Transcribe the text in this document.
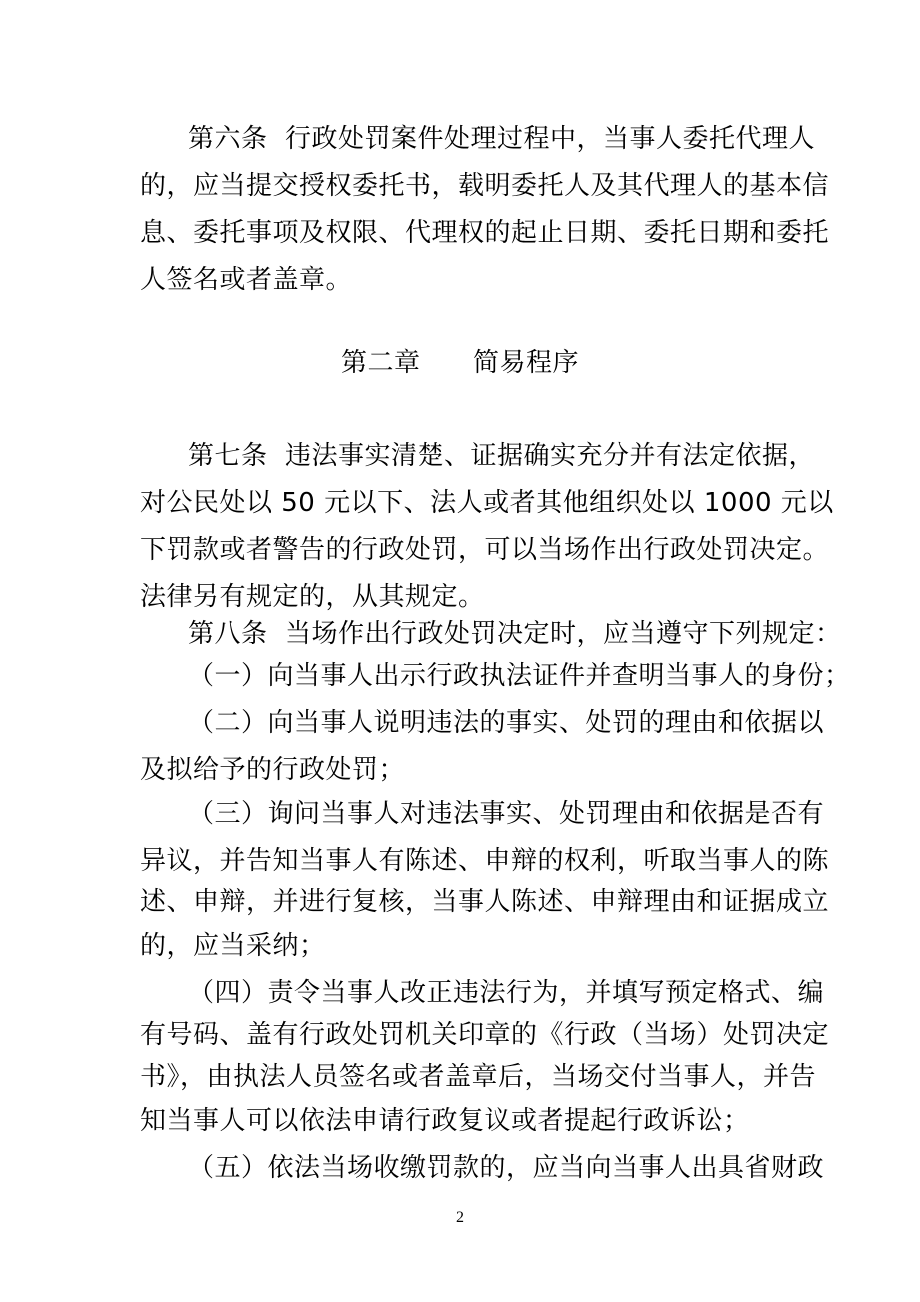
第六条  行政处罚案件处理过程中，当事人委托代理人
的，应当提交授权委托书，载明委托人及其代理人的基本信
息、委托事项及权限、代理权的起止日期、委托日期和委托
人签名或者盖章。
第二章      简易程序
第七条  违法事实清楚、证据确实充分并有法定依据，
对公民处以 50 元以下、法人或者其他组织处以 1000 元以
下罚款或者警告的行政处罚，可以当场作出行政处罚决定。
法律另有规定的，从其规定。
第八条  当场作出行政处罚决定时，应当遵守下列规定：
（一）向当事人出示行政执法证件并查明当事人的身份；
（二）向当事人说明违法的事实、处罚的理由和依据以
及拟给予的行政处罚；
（三）询问当事人对违法事实、处罚理由和依据是否有
异议，并告知当事人有陈述、申辩的权利，听取当事人的陈
述、申辩，并进行复核，当事人陈述、申辩理由和证据成立
的，应当采纳；
（四）责令当事人改正违法行为，并填写预定格式、编
有号码、盖有行政处罚机关印章的《行政（当场）处罚决定
书》，由执法人员签名或者盖章后，当场交付当事人，并告
知当事人可以依法申请行政复议或者提起行政诉讼；
（五）依法当场收缴罚款的，应当向当事人出具省财政
2
